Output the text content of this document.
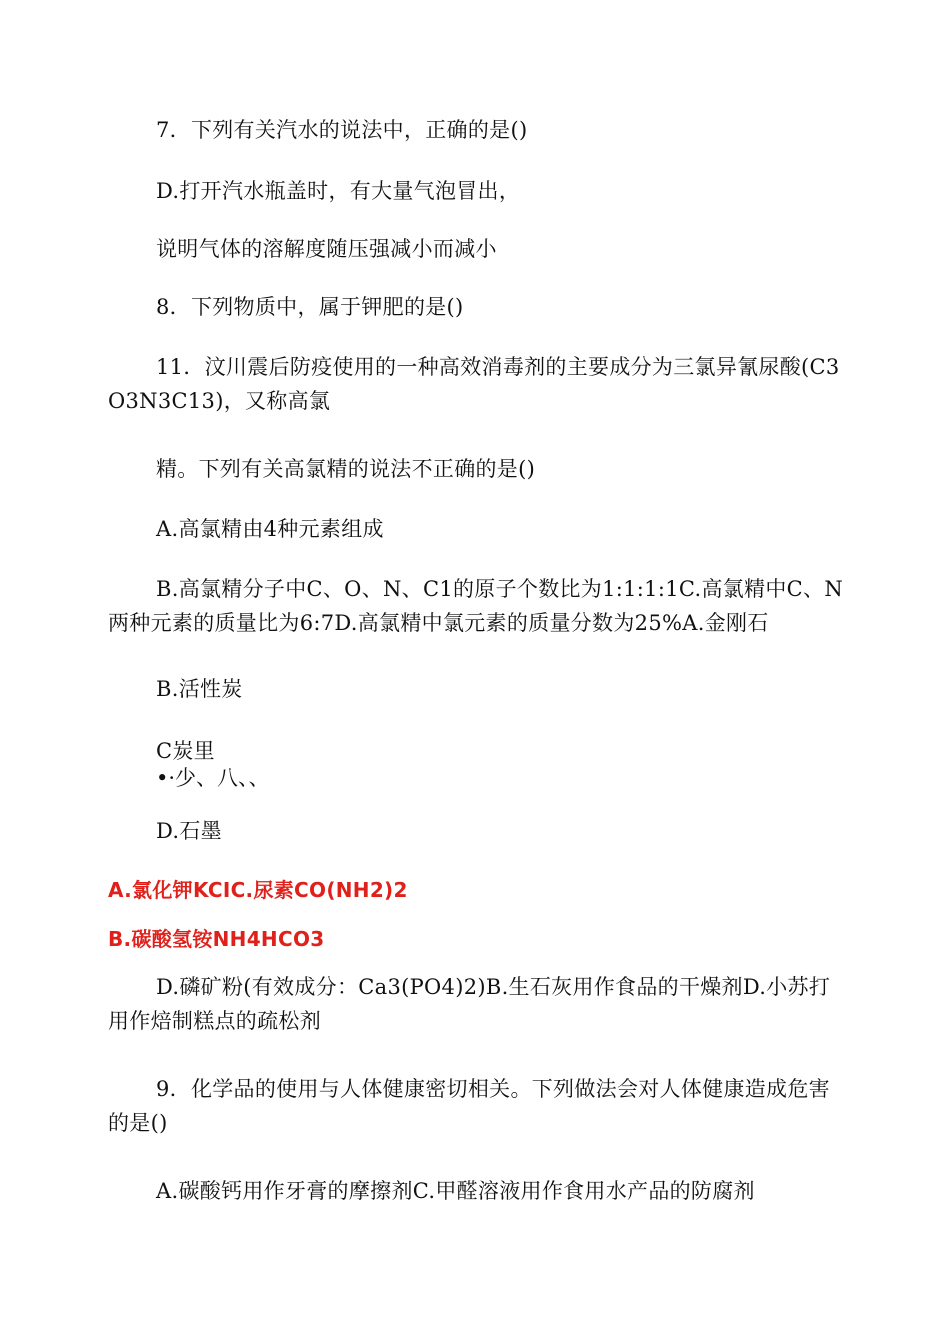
7．下列有关汽水的说法中，正确的是()
D.打开汽水瓶盖时，有大量气泡冒出，
说明气体的溶解度随压强减小而减小
8．下列物质中，属于钾肥的是()
11．汶川震后防疫使用的一种高效消毒剂的主要成分为三氯异氰尿酸(C3O3N3C13)，又称高氯
精。下列有关高氯精的说法不正确的是()
A.高氯精由4种元素组成
B.高氯精分子中C、O、N、C1的原子个数比为1:1:1:1C.高氯精中C、N两种元素的质量比为6:7D.高氯精中氯元素的质量分数为25%A.金刚石
B.活性炭
C炭里
•·少、八、、
D.石墨
A.氯化钾KCIC.尿素CO(NH2)2
B.碳酸氢铵NH4HCO3
D.磷矿粉(有效成分：Ca3(PO4)2)B.生石灰用作食品的干燥剂D.小苏打用作焙制糕点的疏松剂
9．化学品的使用与人体健康密切相关。下列做法会对人体健康造成危害的是()
A.碳酸钙用作牙膏的摩擦剂C.甲醛溶液用作食用水产品的防腐剂
